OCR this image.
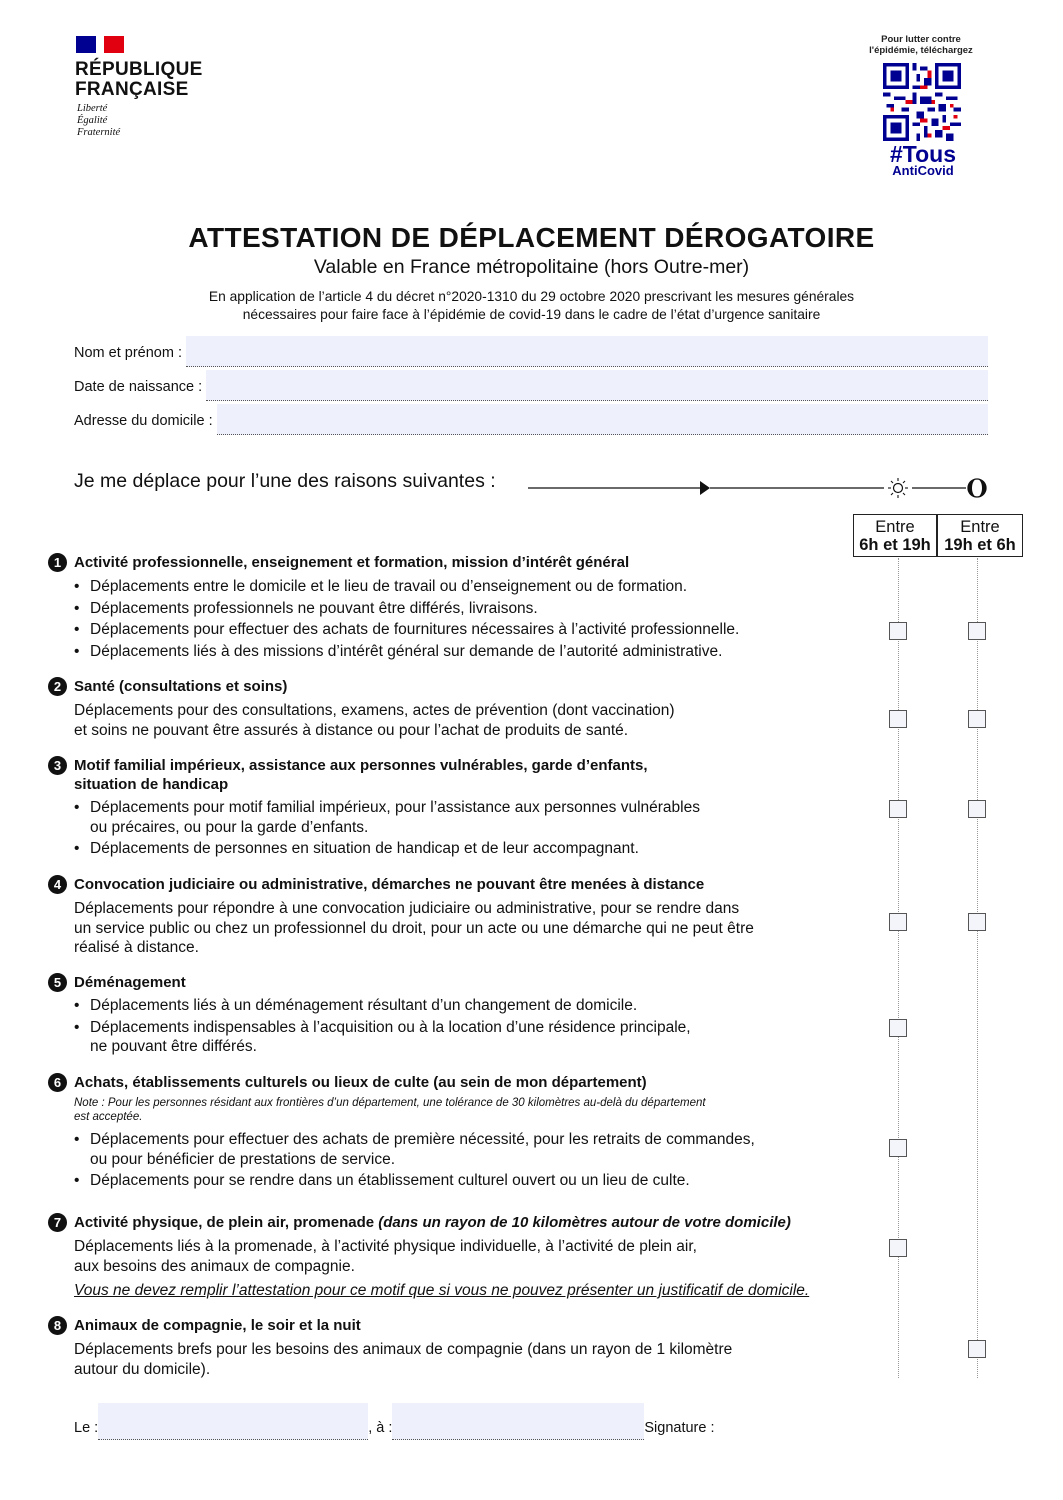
RÉPUBLIQUE
FRANÇAISE
Liberté
Égalité
Fraternité
Pour lutter contre
l'épidémie, téléchargez
#Tous
AntiCovid
ATTESTATION DE DÉPLACEMENT DÉROGATOIRE
Valable en France métropolitaine (hors Outre-mer)
En application de l’article 4 du décret n°2020-1310 du 29 octobre 2020 prescrivant les mesures générales
nécessaires pour faire face à l’épidémie de covid-19 dans le cadre de l’état d’urgence sanitaire
Nom et prénom :
Date de naissance :
Adresse du domicile :
Je me déplace pour l’une des raisons suivantes :
Entre
6h et 19h
Entre
19h et 6h
1 Activité professionnelle, enseignement et formation, mission d’intérêt général
• Déplacements entre le domicile et le lieu de travail ou d’enseignement ou de formation.
• Déplacements professionnels ne pouvant être différés, livraisons.
• Déplacements pour effectuer des achats de fournitures nécessaires à l’activité professionnelle.
• Déplacements liés à des missions d’intérêt général sur demande de l’autorité administrative.
2 Santé (consultations et soins)
Déplacements pour des consultations, examens, actes de prévention (dont vaccination)
et soins ne pouvant être assurés à distance ou pour l’achat de produits de santé.
3 Motif familial impérieux, assistance aux personnes vulnérables, garde d’enfants,
situation de handicap
• Déplacements pour motif familial impérieux, pour l’assistance aux personnes vulnérables
ou précaires, ou pour la garde d’enfants.
• Déplacements de personnes en situation de handicap et de leur accompagnant.
4 Convocation judiciaire ou administrative, démarches ne pouvant être menées à distance
Déplacements pour répondre à une convocation judiciaire ou administrative, pour se rendre dans
un service public ou chez un professionnel du droit, pour un acte ou une démarche qui ne peut être
réalisé à distance.
5 Déménagement
• Déplacements liés à un déménagement résultant d’un changement de domicile.
• Déplacements indispensables à l’acquisition ou à la location d’une résidence principale,
ne pouvant être différés.
6 Achats, établissements culturels ou lieux de culte (au sein de mon département)
Note : Pour les personnes résidant aux frontières d’un département, une tolérance de 30 kilomètres au-delà du département
est acceptée.
• Déplacements pour effectuer des achats de première nécessité, pour les retraits de commandes,
ou pour bénéficier de prestations de service.
• Déplacements pour se rendre dans un établissement culturel ouvert ou un lieu de culte.
7 Activité physique, de plein air, promenade (dans un rayon de 10 kilomètres autour de votre domicile)
Déplacements liés à la promenade, à l’activité physique individuelle, à l’activité de plein air,
aux besoins des animaux de compagnie.
Vous ne devez remplir l’attestation pour ce motif que si vous ne pouvez présenter un justificatif de domicile.
8 Animaux de compagnie, le soir et la nuit
Déplacements brefs pour les besoins des animaux de compagnie (dans un rayon de 1 kilomètre
autour du domicile).
Le :	, à :	Signature :
